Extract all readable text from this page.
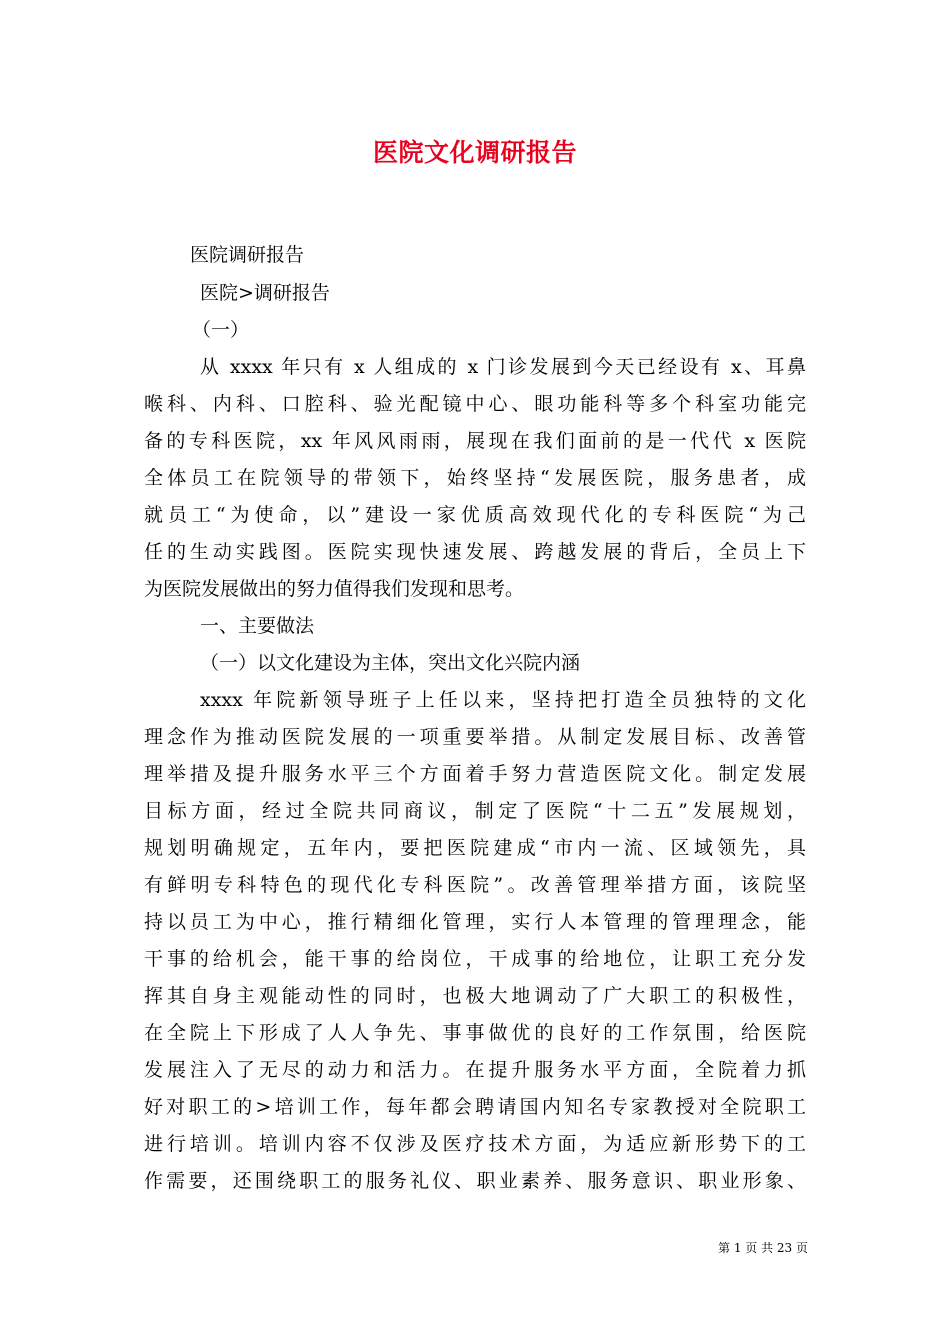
医院文化调研报告
医院调研报告
医院>调研报告
（一）
从 xxxx 年只有 x 人组成的 x 门诊发展到今天已经设有 x、耳鼻
喉科、内科、口腔科、验光配镜中心、眼功能科等多个科室功能完
备的专科医院，xx 年风风雨雨，展现在我们面前的是一代代 x 医院
全体员工在院领导的带领下，始终坚持“发展医院，服务患者，成
就员工“为使命，以”建设一家优质高效现代化的专科医院“为己
任的生动实践图。医院实现快速发展、跨越发展的背后，全员上下
为医院发展做出的努力值得我们发现和思考。
一、主要做法
（一）以文化建设为主体，突出文化兴院内涵
xxxx 年院新领导班子上任以来，坚持把打造全员独特的文化
理念作为推动医院发展的一项重要举措。从制定发展目标、改善管
理举措及提升服务水平三个方面着手努力营造医院文化。制定发展
目标方面，经过全院共同商议，制定了医院“十二五”发展规划，
规划明确规定，五年内，要把医院建成“市内一流、区域领先，具
有鲜明专科特色的现代化专科医院”。改善管理举措方面，该院坚
持以员工为中心，推行精细化管理，实行人本管理的管理理念，能
干事的给机会，能干事的给岗位，干成事的给地位，让职工充分发
挥其自身主观能动性的同时，也极大地调动了广大职工的积极性，
在全院上下形成了人人争先、事事做优的良好的工作氛围，给医院
发展注入了无尽的动力和活力。在提升服务水平方面，全院着力抓
好对职工的>培训工作，每年都会聘请国内知名专家教授对全院职工
进行培训。培训内容不仅涉及医疗技术方面，为适应新形势下的工
作需要，还围绕职工的服务礼仪、职业素养、服务意识、职业形象、
第 1 页 共 23 页
